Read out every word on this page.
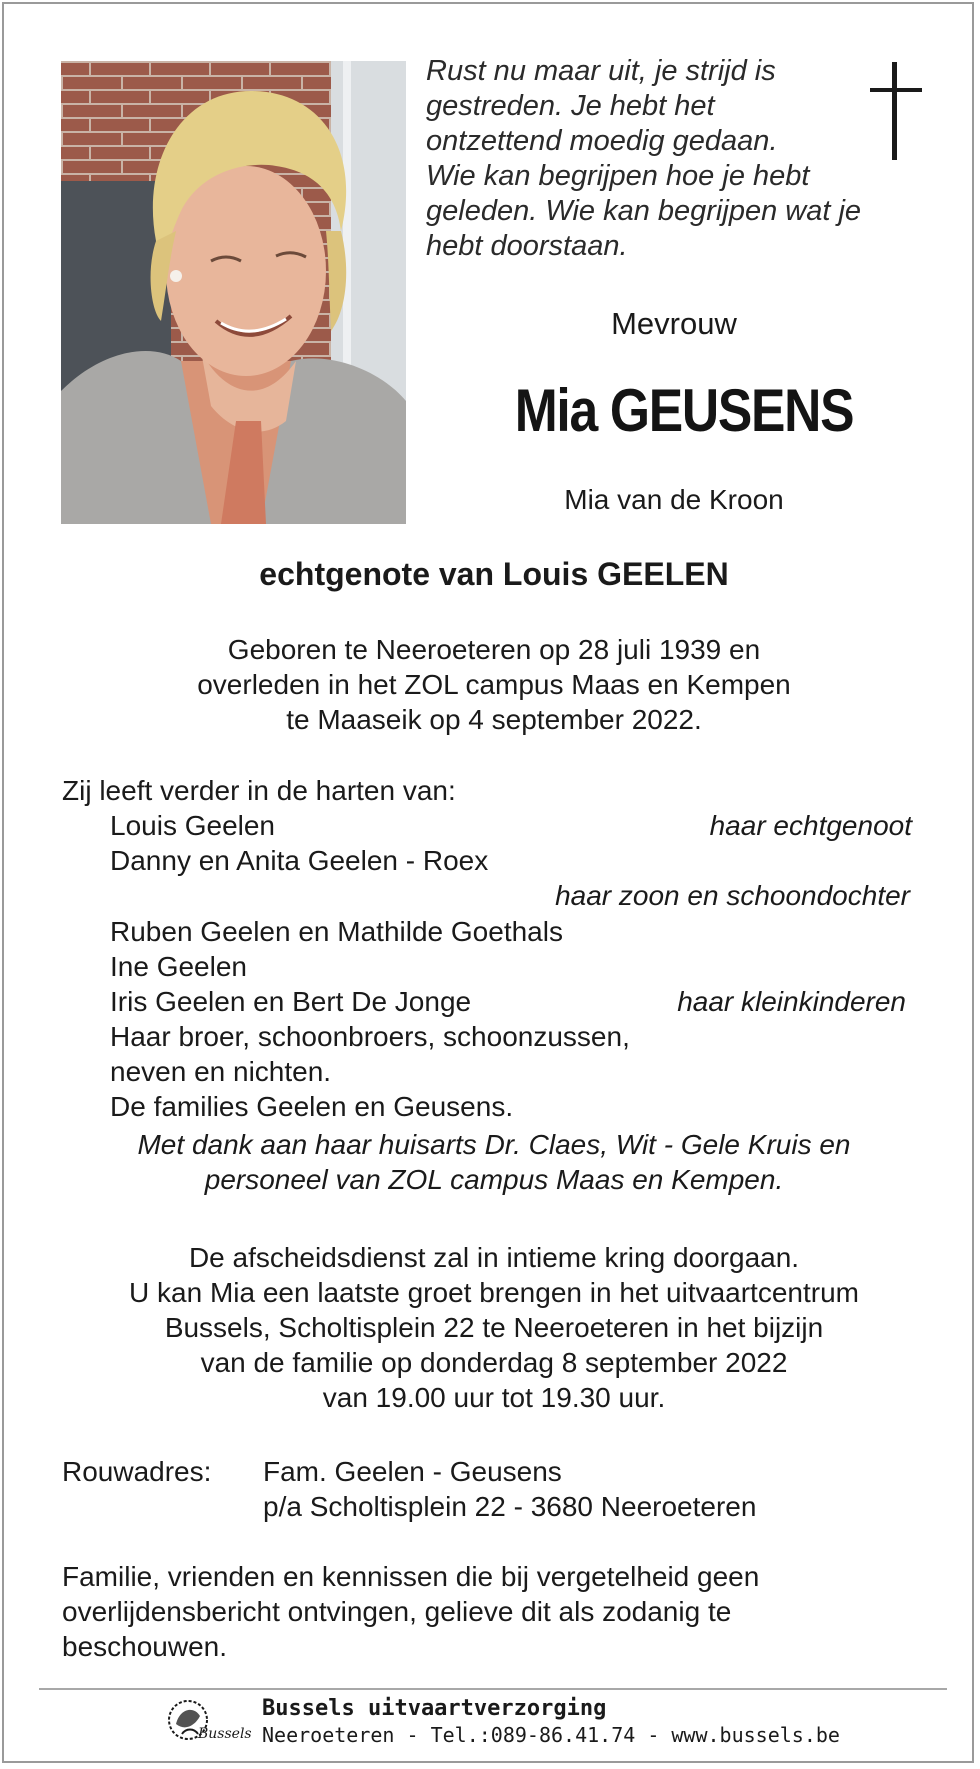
Rust nu maar uit, je strijd is
gestreden. Je hebt het
ontzettend moedig gedaan.
Wie kan begrijpen hoe je hebt
geleden. Wie kan begrijpen wat je
hebt doorstaan.
Mevrouw
Mia GEUSENS
Mia van de Kroon
echtgenote van Louis GEELEN
Geboren te Neeroeteren op 28 juli 1939 en
overleden in het ZOL campus Maas en Kempen
te Maaseik op 4 september 2022.
Zij leeft verder in de harten van:
Louis Geelen	haar echtgenoot
Danny en Anita Geelen - Roex
haar zoon en schoondochter
Ruben Geelen en Mathilde Goethals
Ine Geelen
Iris Geelen en Bert De Jonge	haar kleinkinderen
Haar broer, schoonbroers, schoonzussen,
neven en nichten.
De families Geelen en Geusens.
Met dank aan haar huisarts Dr. Claes, Wit - Gele Kruis en
personeel van ZOL campus Maas en Kempen.
De afscheidsdienst zal in intieme kring doorgaan.
U kan Mia een laatste groet brengen in het uitvaartcentrum
Bussels, Scholtisplein 22 te Neeroeteren in het bijzijn
van de familie op donderdag 8 september 2022
van 19.00 uur tot 19.30 uur.
Rouwadres: Fam. Geelen - Geusens
p/a Scholtisplein 22 - 3680 Neeroeteren
Familie, vrienden en kennissen die bij vergetelheid geen
overlijdensbericht ontvingen, gelieve dit als zodanig te
beschouwen.
Bussels
Bussels uitvaartverzorging
Neeroeteren - Tel.:089-86.41.74 - www.bussels.be
